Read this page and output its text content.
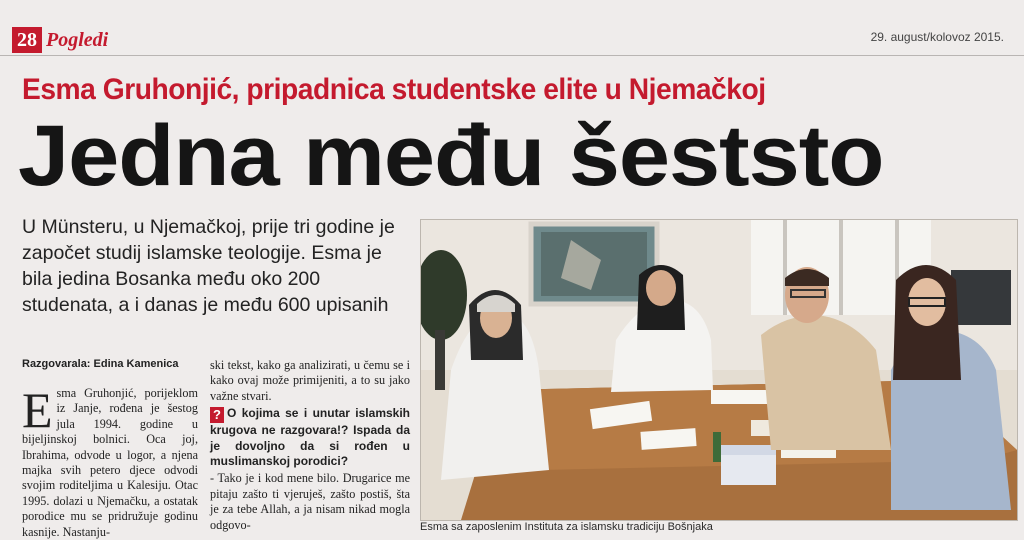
28 Pogledi	29. august/kolovoz 2015.
Esma Gruhonjić, pripadnica studentske elite u Njemačkoj
Jedna među šeststo
U Münsteru, u Njemačkoj, prije tri godine je započet studij islamske teologije. Esma je bila jedina Bosanka među oko 200 studenata, a i danas je među 600 upisanih
Razgovarala: Edina Kamenica
Esma Gruhonjić, porijeklom iz Janje, rođena je šestog jula 1994. godine u bijeljinskoj bolnici. Oca joj, Ibrahima, odvode u logor, a njena majka svih petero djece odvodi svojim roditeljima u Kalesiju. Otac 1995. dolazi u Njemačku, a ostatak porodice mu se pridružuje godinu kasnije. Nastanju-
ski tekst, kako ga analizirati, u čemu se i kako ovaj može primijeniti, a to su jako važne stvari.
? O kojima se i unutar islamskih krugova ne razgovara!? Ispada da je dovoljno da si rođen u muslimanskoj porodici?
- Tako je i kod mene bilo. Drugarice me pitaju zašto ti vjeruješ, zašto postiš, šta je za tebe Allah, a ja nisam nikad mogla odgovo-	Esma sa zaposlenim Instituta za islamsku tradiciju Bošnjaka
